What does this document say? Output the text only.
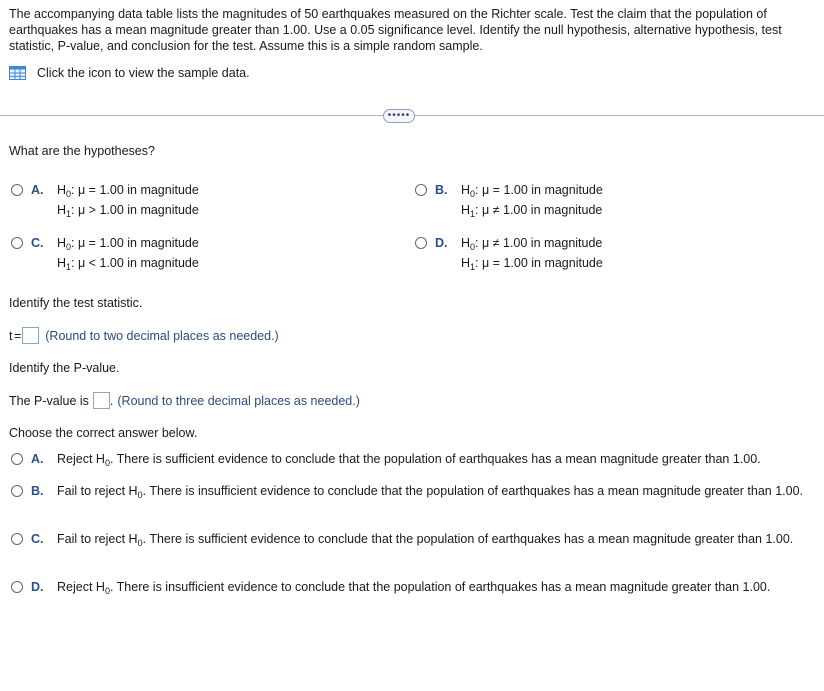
The accompanying data table lists the magnitudes of 50 earthquakes measured on the Richter scale. Test the claim that the population of earthquakes has a mean magnitude greater than 1.00. Use a 0.05 significance level. Identify the null hypothesis, alternative hypothesis, test statistic, P-value, and conclusion for the test. Assume this is a simple random sample.
Click the icon to view the sample data.
•••••
What are the hypotheses?
A.	$H_0$: μ = 1.00 in magnitude
$H_1$: μ > 1.00 in magnitude
B.	$H_0$: μ = 1.00 in magnitude
$H_1$: μ ≠ 1.00 in magnitude
C.	$H_0$: μ = 1.00 in magnitude
$H_1$: μ < 1.00 in magnitude
D.	$H_0$: μ ≠ 1.00 in magnitude
$H_1$: μ = 1.00 in magnitude
Identify the test statistic.
t = (Round to two decimal places as needed.)
Identify the P-value.
The P-value is . (Round to three decimal places as needed.)
Choose the correct answer below.
A.	Reject $H_0$. There is sufficient evidence to conclude that the population of earthquakes has a mean magnitude greater than 1.00.
B.	Fail to reject $H_0$. There is insufficient evidence to conclude that the population of earthquakes has a mean magnitude greater than 1.00.
C.	Fail to reject $H_0$. There is sufficient evidence to conclude that the population of earthquakes has a mean magnitude greater than 1.00.
D.	Reject $H_0$. There is insufficient evidence to conclude that the population of earthquakes has a mean magnitude greater than 1.00.
